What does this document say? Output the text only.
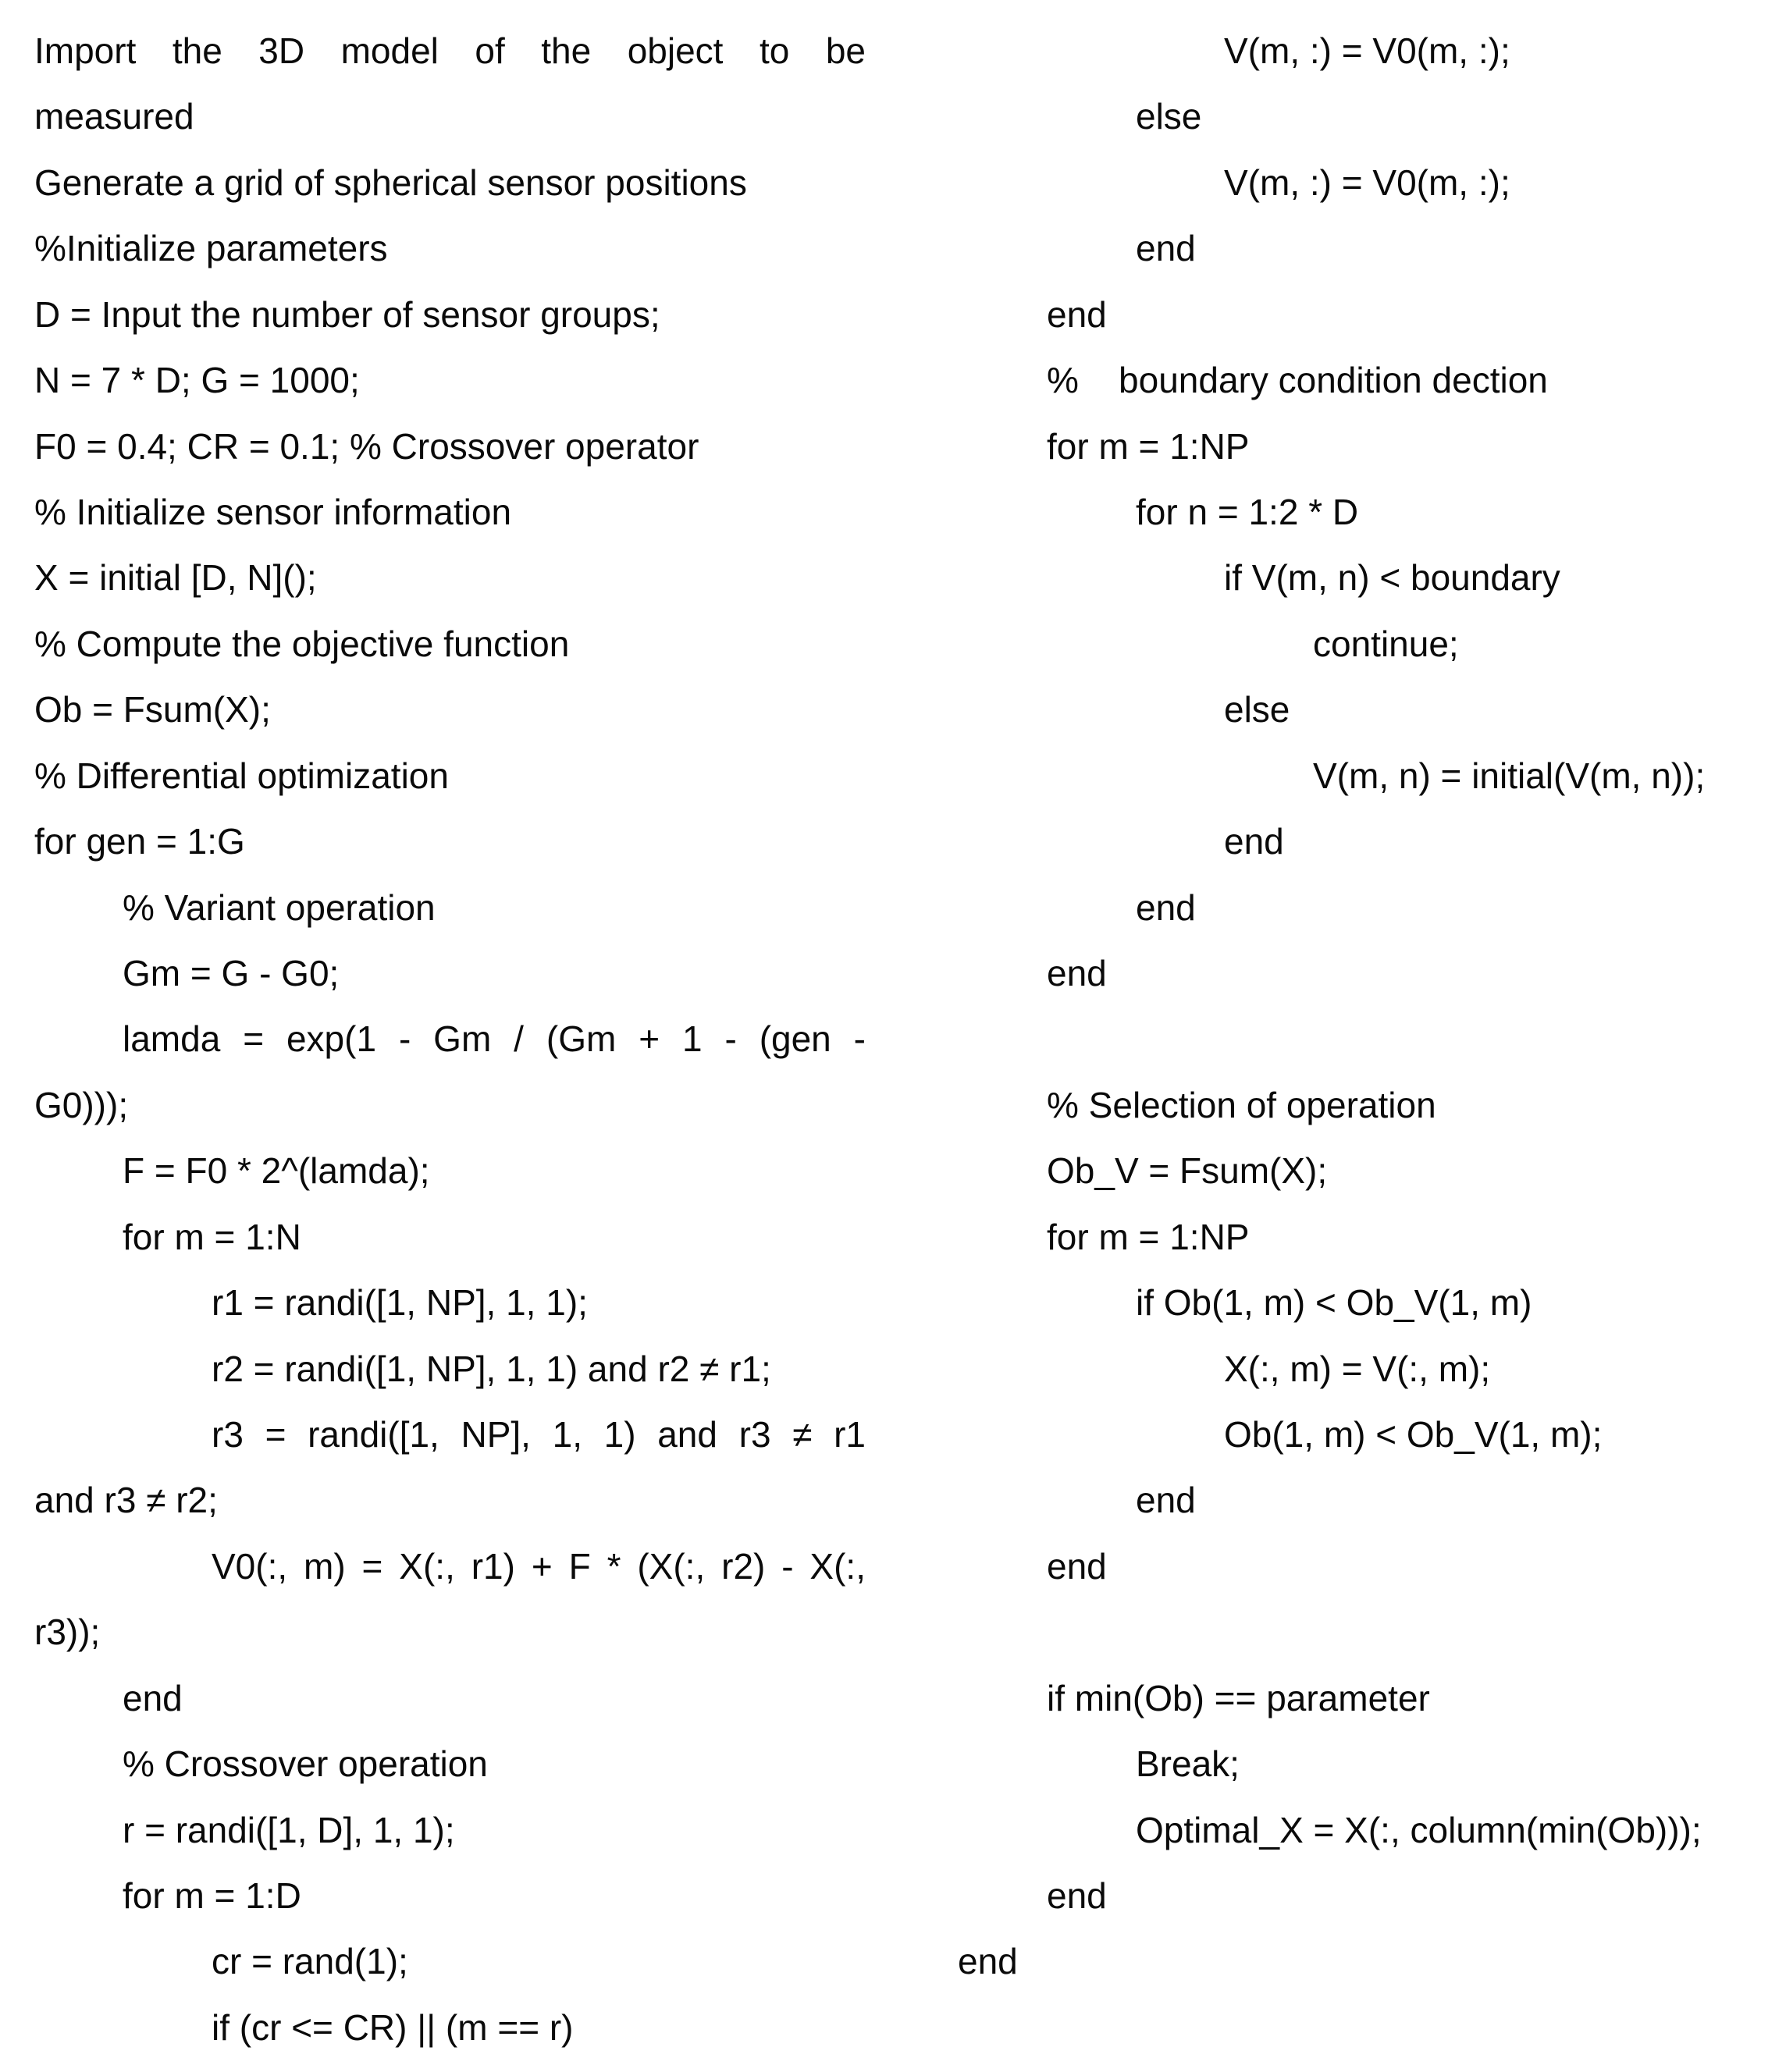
Import the 3D model of the object to be
measured
Generate a grid of spherical sensor positions
%Initialize parameters
D = Input the number of sensor groups;
N = 7 * D; G = 1000;
F0 = 0.4; CR = 0.1; % Crossover operator
% Initialize sensor information
X = initial [D, N]();
% Compute the objective function
Ob = Fsum(X);
% Differential optimization
for gen = 1:G
% Variant operation
Gm = G - G0;
lamda = exp(1 - Gm / (Gm + 1 - (gen -
G0)));
F = F0 * 2^(lamda);
for m = 1:N
r1 = randi([1, NP], 1, 1);
r2 = randi([1, NP], 1, 1) and r2 ≠ r1;
r3 = randi([1, NP], 1, 1) and r3 ≠ r1
and r3 ≠ r2;
V0(:, m) = X(:, r1) + F * (X(:, r2) - X(:,
r3));
end
% Crossover operation
r = randi([1, D], 1, 1);
for m = 1:D
cr = rand(1);
if (cr <= CR) || (m == r)
V(m, :) = V0(m, :);
else
V(m, :) = V0(m, :);
end
end
%    boundary condition dection
for m = 1:NP
for n = 1:2 * D
if V(m, n) < boundary
continue;
else
V(m, n) = initial(V(m, n));
end
end
end
% Selection of operation
Ob_V = Fsum(X);
for m = 1:NP
if Ob(1, m) < Ob_V(1, m)
X(:, m) = V(:, m);
Ob(1, m) < Ob_V(1, m);
end
end
if min(Ob) == parameter
Break;
Optimal_X = X(:, column(min(Ob)));
end
end
